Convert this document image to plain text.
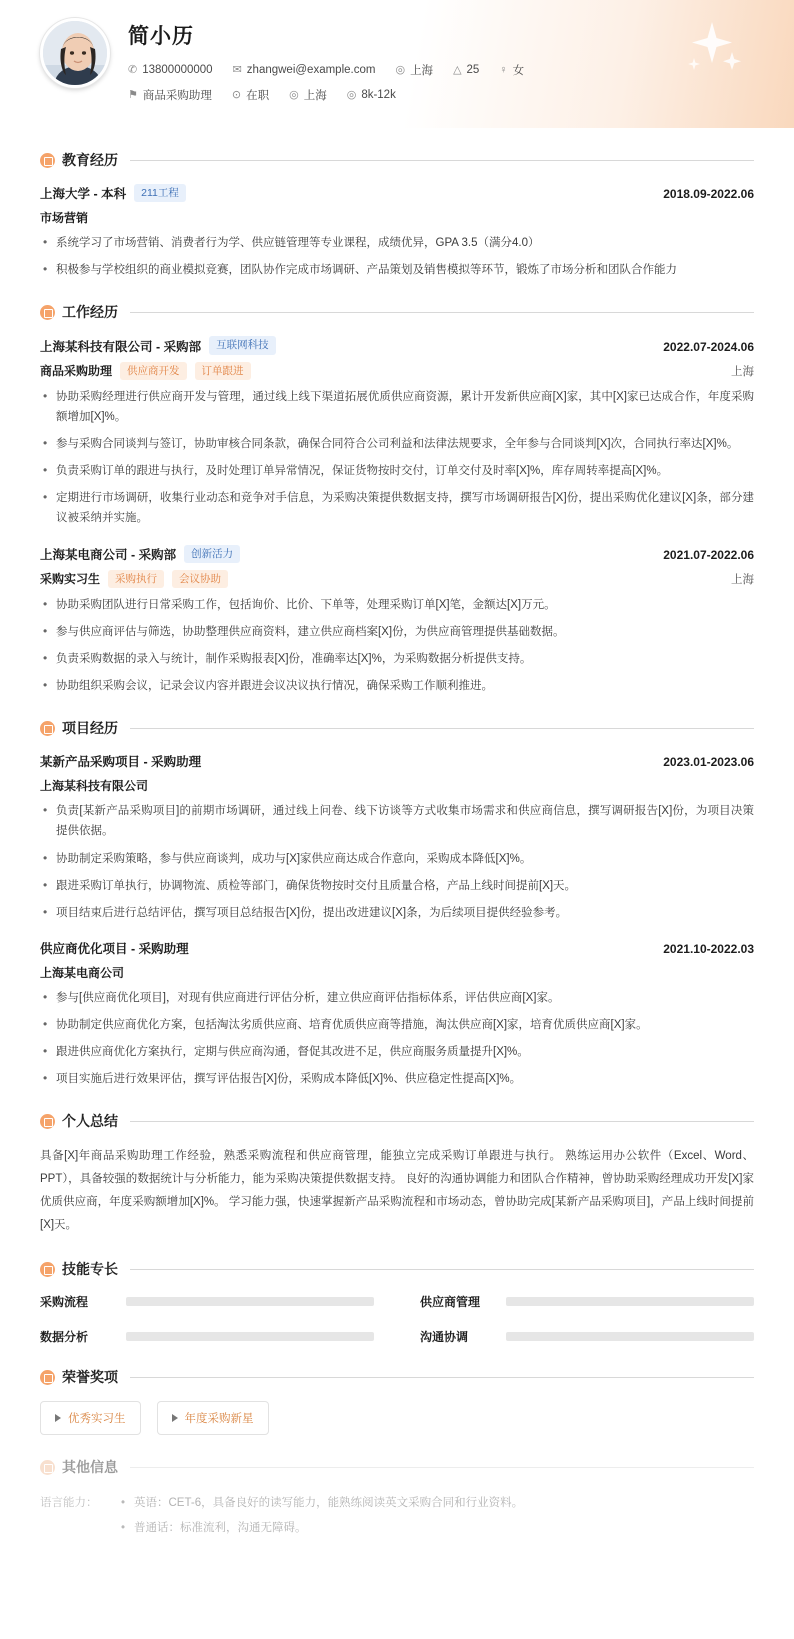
简小历
✆ 13800000000 ✉ zhangwei@example.com ◎ 上海 △ 25 ♀ 女
⚑ 商品采购助理 ⊙ 在职 ◎ 上海 ◎ 8k-12k
教育经历
上海大学 - 本科	211工程	2018.09-2022.06
市场营销
• 系统学习了市场营销、消费者行为学、供应链管理等专业课程，成绩优异，GPA 3.5（满分4.0）
• 积极参与学校组织的商业模拟竞赛，团队协作完成市场调研、产品策划及销售模拟等环节，锻炼了市场分析和团队合作能力
工作经历
上海某科技有限公司 - 采购部	互联网科技	2022.07-2024.06
商品采购助理	供应商开发	订单跟进	上海
• 协助采购经理进行供应商开发与管理，通过线上线下渠道拓展优质供应商资源，累计开发新供应商[X]家，其中[X]家已达成合作，年度采购额增加[X]%。
• 参与采购合同谈判与签订，协助审核合同条款，确保合同符合公司利益和法律法规要求，全年参与合同谈判[X]次，合同执行率达[X]%。
• 负责采购订单的跟进与执行，及时处理订单异常情况，保证货物按时交付，订单交付及时率[X]%，库存周转率提高[X]%。
• 定期进行市场调研，收集行业动态和竞争对手信息，为采购决策提供数据支持，撰写市场调研报告[X]份，提出采购优化建议[X]条，部分建议被采纳并实施。
上海某电商公司 - 采购部	创新活力	2021.07-2022.06
采购实习生	采购执行	会议协助	上海
• 协助采购团队进行日常采购工作，包括询价、比价、下单等，处理采购订单[X]笔，金额达[X]万元。
• 参与供应商评估与筛选，协助整理供应商资料，建立供应商档案[X]份，为供应商管理提供基础数据。
• 负责采购数据的录入与统计，制作采购报表[X]份，准确率达[X]%，为采购数据分析提供支持。
• 协助组织采购会议，记录会议内容并跟进会议决议执行情况，确保采购工作顺利推进。
项目经历
某新产品采购项目 - 采购助理	2023.01-2023.06
上海某科技有限公司
• 负责[某新产品采购项目]的前期市场调研，通过线上问卷、线下访谈等方式收集市场需求和供应商信息，撰写调研报告[X]份，为项目决策提供依据。
• 协助制定采购策略，参与供应商谈判，成功与[X]家供应商达成合作意向，采购成本降低[X]%。
• 跟进采购订单执行，协调物流、质检等部门，确保货物按时交付且质量合格，产品上线时间提前[X]天。
• 项目结束后进行总结评估，撰写项目总结报告[X]份，提出改进建议[X]条，为后续项目提供经验参考。
供应商优化项目 - 采购助理	2021.10-2022.03
上海某电商公司
• 参与[供应商优化项目]，对现有供应商进行评估分析，建立供应商评估指标体系，评估供应商[X]家。
• 协助制定供应商优化方案，包括淘汰劣质供应商、培育优质供应商等措施，淘汰供应商[X]家，培育优质供应商[X]家。
• 跟进供应商优化方案执行，定期与供应商沟通，督促其改进不足，供应商服务质量提升[X]%。
• 项目实施后进行效果评估，撰写评估报告[X]份，采购成本降低[X]%、供应稳定性提高[X]%。
个人总结
具备[X]年商品采购助理工作经验，熟悉采购流程和供应商管理，能独立完成采购订单跟进与执行。 熟练运用办公软件（Excel、Word、PPT），具备较强的数据统计与分析能力，能为采购决策提供数据支持。 良好的沟通协调能力和团队合作精神，曾协助采购经理成功开发[X]家优质供应商，年度采购额增加[X]%。 学习能力强，快速掌握新产品采购流程和市场动态，曾协助完成[某新产品采购项目]，产品上线时间提前[X]天。
技能专长
采购流程	供应商管理
数据分析	沟通协调
荣誉奖项
优秀实习生	年度采购新星
其他信息
语言能力：	• 英语：CET-6，具备良好的读写能力，能熟练阅读英文采购合同和行业资料。
• 普通话：标准流利，沟通无障碍。
